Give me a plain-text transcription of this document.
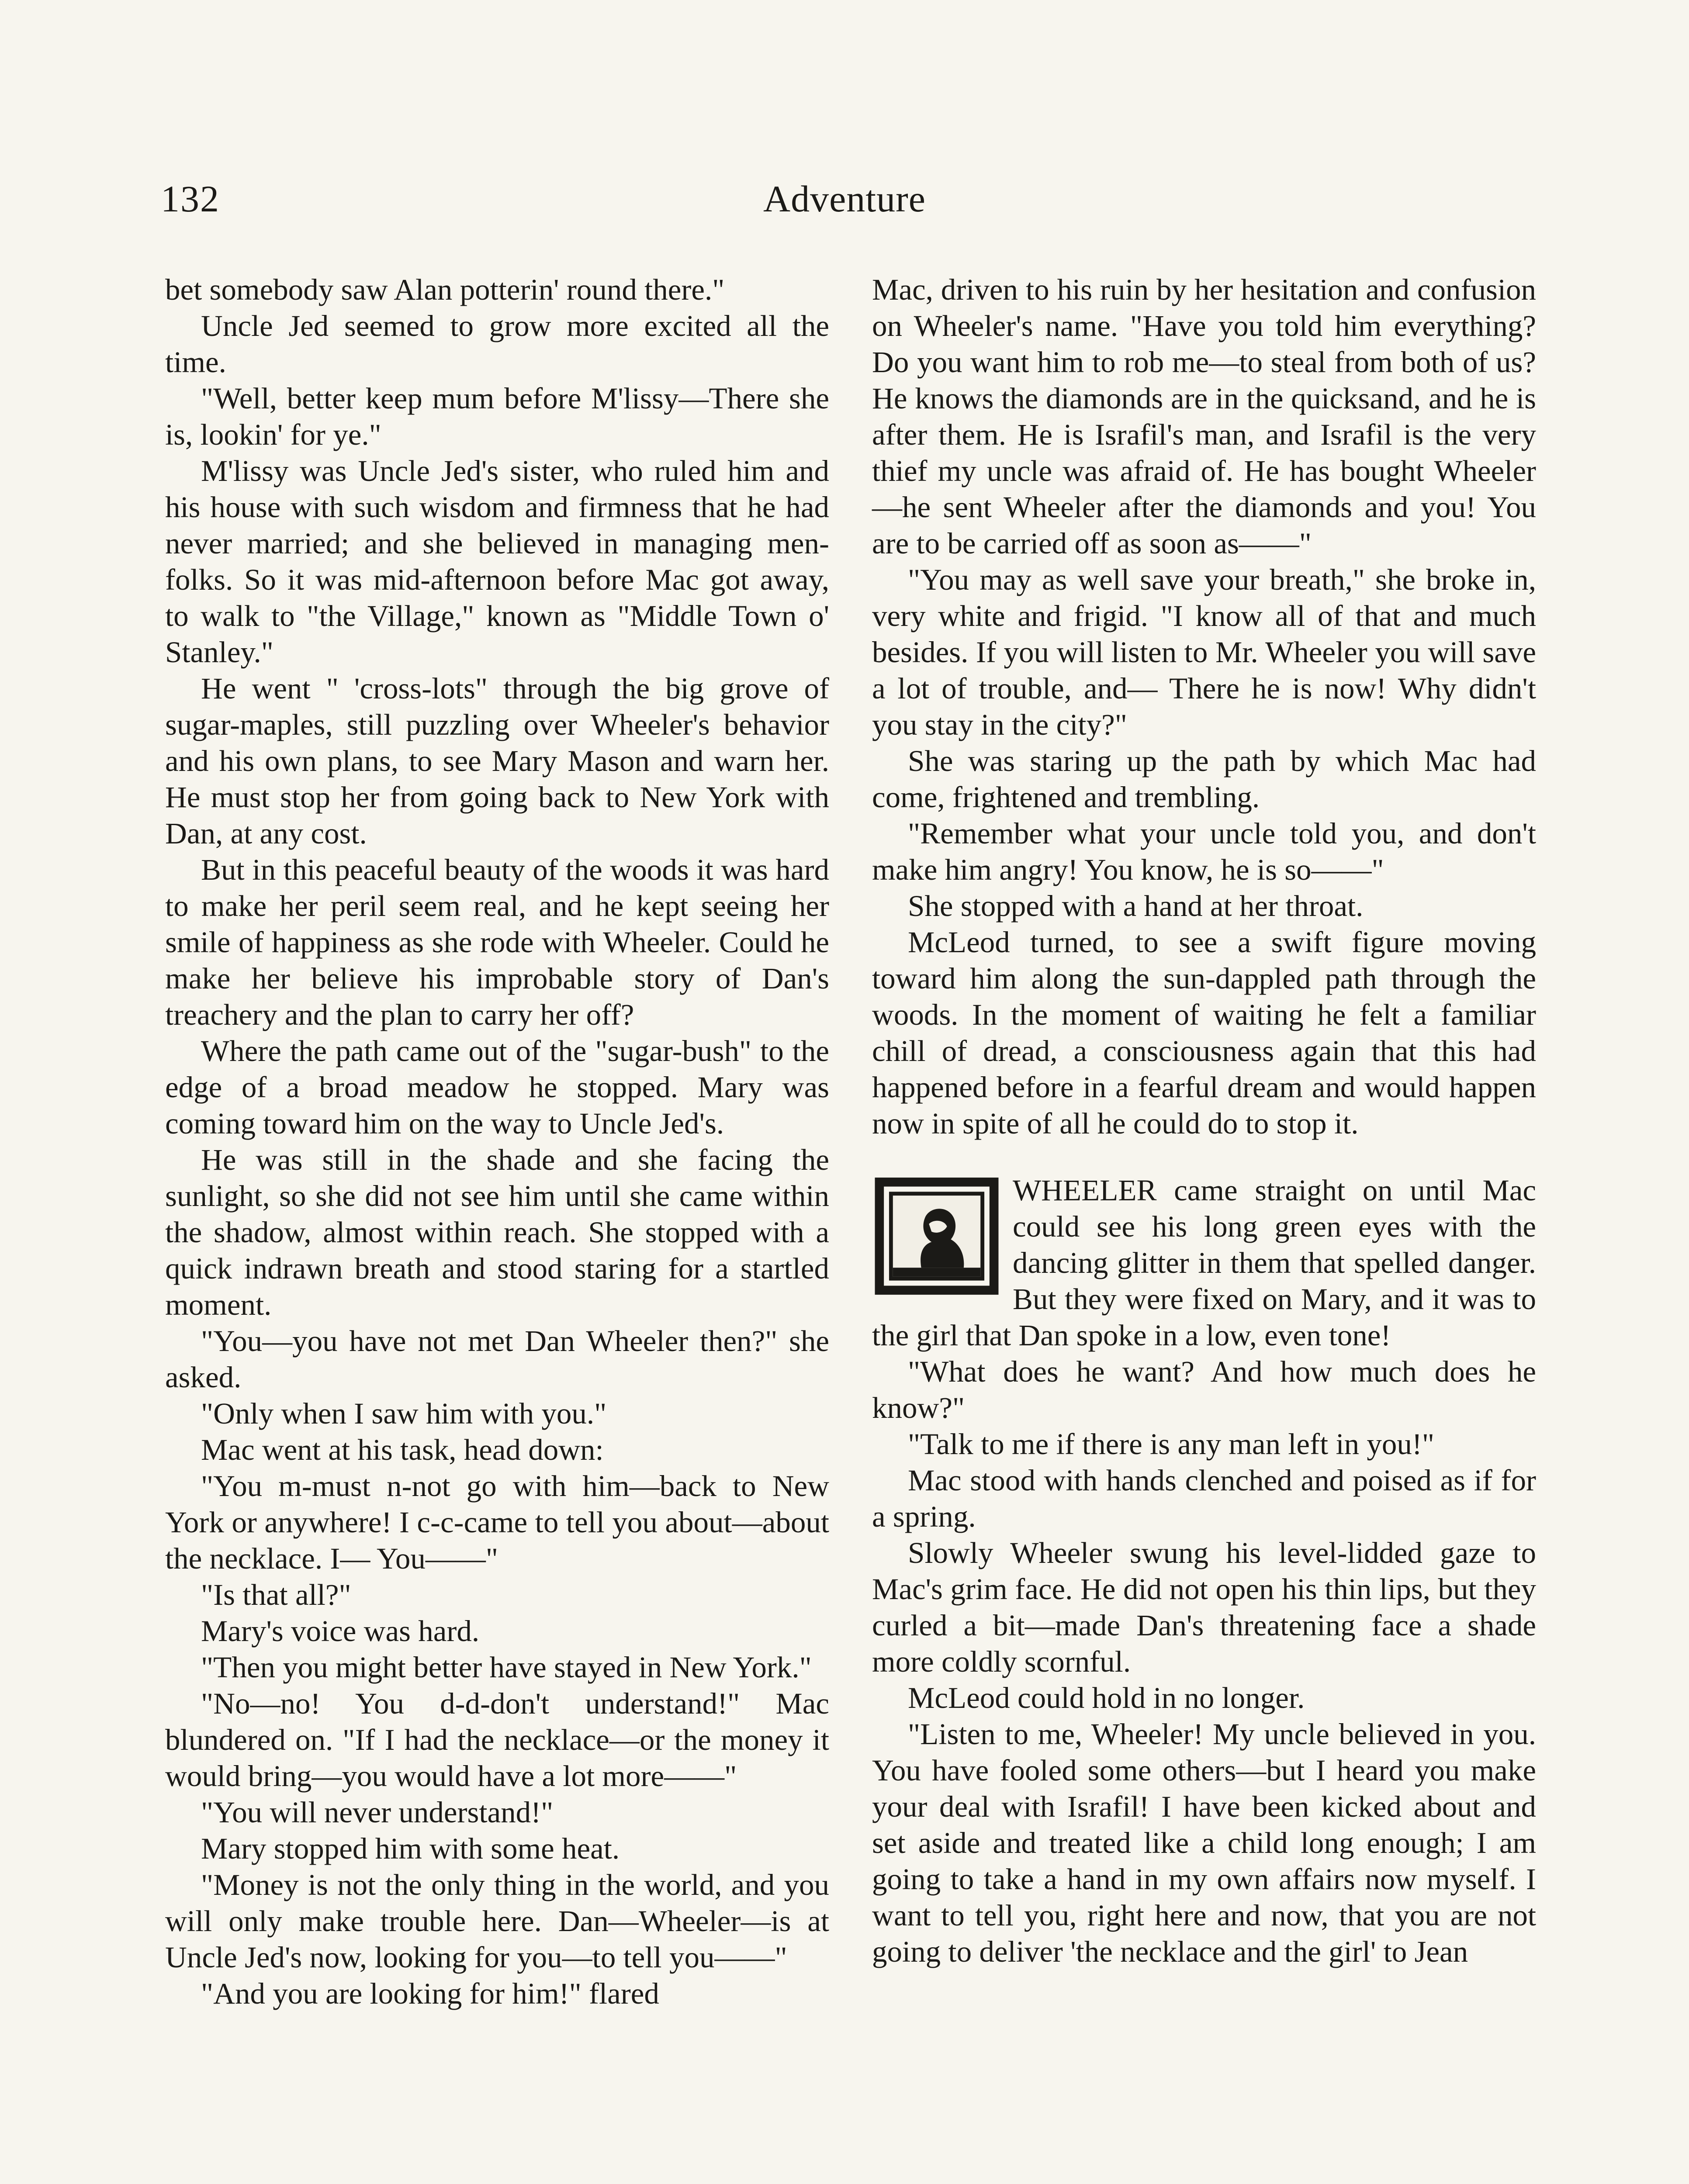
132	Adventure

bet somebody saw Alan potterin' round there."

Uncle Jed seemed to grow more excited all the time.

"Well, better keep mum before M'lissy—There she is, lookin' for ye."

M'lissy was Uncle Jed's sister, who ruled him and his house with such wisdom and firmness that he had never married; and she believed in managing men-folks. So it was mid-afternoon before Mac got away, to walk to "the Village," known as "Middle Town o' Stanley."

He went " 'cross-lots" through the big grove of sugar-maples, still puzzling over Wheeler's behavior and his own plans, to see Mary Mason and warn her. He must stop her from going back to New York with Dan, at any cost.

But in this peaceful beauty of the woods it was hard to make her peril seem real, and he kept seeing her smile of happiness as she rode with Wheeler. Could he make her believe his improbable story of Dan's treachery and the plan to carry her off?

Where the path came out of the "sugar-bush" to the edge of a broad meadow he stopped. Mary was coming toward him on the way to Uncle Jed's.

He was still in the shade and she facing the sunlight, so she did not see him until she came within the shadow, almost within reach. She stopped with a quick indrawn breath and stood staring for a startled moment.

"You—you have not met Dan Wheeler then?" she asked.

"Only when I saw him with you."

Mac went at his task, head down:

"You m-must n-not go with him—back to New York or anywhere! I c-c-came to tell you about—about the necklace. I— You——"

"Is that all?"

Mary's voice was hard.

"Then you might better have stayed in New York."

"No—no! You d-d-don't understand!" Mac blundered on. "If I had the necklace—or the money it would bring—you would have a lot more——"

"You will never understand!"

Mary stopped him with some heat.

"Money is not the only thing in the world, and you will only make trouble here. Dan—Wheeler—is at Uncle Jed's now, looking for you—to tell you——"

"And you are looking for him!" flared

Mac, driven to his ruin by her hesitation and confusion on Wheeler's name. "Have you told him everything? Do you want him to rob me—to steal from both of us? He knows the diamonds are in the quicksand, and he is after them. He is Israfil's man, and Israfil is the very thief my uncle was afraid of. He has bought Wheeler—he sent Wheeler after the diamonds and you! You are to be carried off as soon as——"

"You may as well save your breath," she broke in, very white and frigid. "I know all of that and much besides. If you will listen to Mr. Wheeler you will save a lot of trouble, and— There he is now! Why didn't you stay in the city?"

She was staring up the path by which Mac had come, frightened and trembling.

"Remember what your uncle told you, and don't make him angry! You know, he is so——"

She stopped with a hand at her throat.

McLeod turned, to see a swift figure moving toward him along the sun-dappled path through the woods. In the moment of waiting he felt a familiar chill of dread, a consciousness again that this had happened before in a fearful dream and would happen now in spite of all he could do to stop it.

WHEELER came straight on until Mac could see his long green eyes with the dancing glitter in them that spelled danger. But they were fixed on Mary, and it was to the girl that Dan spoke in a low, even tone!

"What does he want? And how much does he know?"

"Talk to me if there is any man left in you!"

Mac stood with hands clenched and poised as if for a spring.

Slowly Wheeler swung his level-lidded gaze to Mac's grim face. He did not open his thin lips, but they curled a bit—made Dan's threatening face a shade more coldly scornful.

McLeod could hold in no longer.

"Listen to me, Wheeler! My uncle believed in you. You have fooled some others—but I heard you make your deal with Israfil! I have been kicked about and set aside and treated like a child long enough; I am going to take a hand in my own affairs now myself. I want to tell you, right here and now, that you are not going to deliver 'the necklace and the girl' to Jean
